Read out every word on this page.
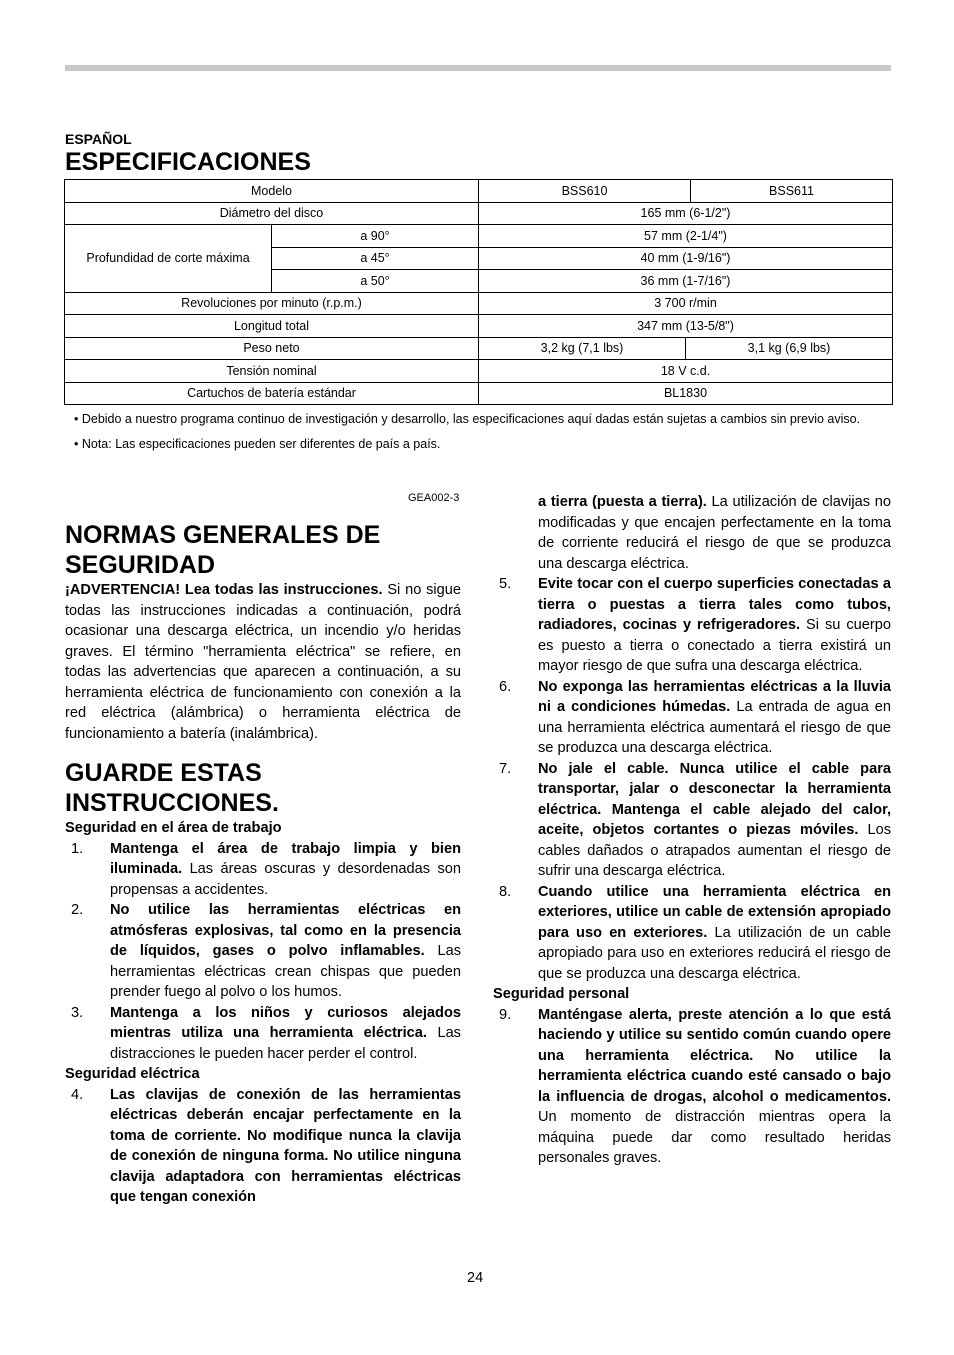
ESPAÑOL
ESPECIFICACIONES
Modelo		BSS610		BSS611
Diámetro del disco		165 mm (6-1/2")		
Profundidad de corte máxima	a 90°	57 mm (2-1/4")		
	a 45°	40 mm (1-9/16")		
	a 50°	36 mm (1-7/16")		
Revoluciones por minuto (r.p.m.)		3 700 r/min		
Longitud total		347 mm (13-5/8")		
Peso neto		3,2 kg (7,1 lbs)	3,1 kg (6,9 lbs)	
Tensión nominal		18 V c.d.		
Cartuchos de batería estándar		BL1830		

• Debido a nuestro programa continuo de investigación y desarrollo, las especificaciones aquí dadas están sujetas a cambios sin previo aviso.

• Nota: Las especificaciones pueden ser diferentes de país a país.

GEA002-3
NORMAS GENERALES DE SEGURIDAD

¡ADVERTENCIA! Lea todas las instrucciones. Si no sigue todas las instrucciones indicadas a continuación, podrá ocasionar una descarga eléctrica, un incendio y/o heridas graves. El término "herramienta eléctrica" se refiere, en todas las advertencias que aparecen a continuación, a su herramienta eléctrica de funcionamiento con conexión a la red eléctrica (alámbrica) o herramienta eléctrica de funcionamiento a batería (inalámbrica).

GUARDE ESTAS INSTRUCCIONES.

Seguridad en el área de trabajo

1. Mantenga el área de trabajo limpia y bien iluminada. Las áreas oscuras y desordenadas son propensas a accidentes.
2. No utilice las herramientas eléctricas en atmósferas explosivas, tal como en la presencia de líquidos, gases o polvo inflamables. Las herramientas eléctricas crean chispas que pueden prender fuego al polvo o los humos.
3. Mantenga a los niños y curiosos alejados mientras utiliza una herramienta eléctrica. Las distracciones le pueden hacer perder el control.

Seguridad eléctrica

4. Las clavijas de conexión de las herramientas eléctricas deberán encajar perfectamente en la toma de corriente. No modifique nunca la clavija de conexión de ninguna forma. No utilice ninguna clavija adaptadora con herramientas eléctricas que tengan conexión
a tierra (puesta a tierra). La utilización de clavijas no modificadas y que encajen perfectamente en la toma de corriente reducirá el riesgo de que se produzca una descarga eléctrica.
5. Evite tocar con el cuerpo superficies conectadas a tierra o puestas a tierra tales como tubos, radiadores, cocinas y refrigeradores. Si su cuerpo es puesto a tierra o conectado a tierra existirá un mayor riesgo de que sufra una descarga eléctrica.
6. No exponga las herramientas eléctricas a la lluvia ni a condiciones húmedas. La entrada de agua en una herramienta eléctrica aumentará el riesgo de que se produzca una descarga eléctrica.
7. No jale el cable. Nunca utilice el cable para transportar, jalar o desconectar la herramienta eléctrica. Mantenga el cable alejado del calor, aceite, objetos cortantes o piezas móviles. Los cables dañados o atrapados aumentan el riesgo de sufrir una descarga eléctrica.
8. Cuando utilice una herramienta eléctrica en exteriores, utilice un cable de extensión apropiado para uso en exteriores. La utilización de un cable apropiado para uso en exteriores reducirá el riesgo de que se produzca una descarga eléctrica.

Seguridad personal

9. Manténgase alerta, preste atención a lo que está haciendo y utilice su sentido común cuando opere una herramienta eléctrica. No utilice la herramienta eléctrica cuando esté cansado o bajo la influencia de drogas, alcohol o medicamentos. Un momento de distracción mientras opera la máquina puede dar como resultado heridas personales graves.
24
